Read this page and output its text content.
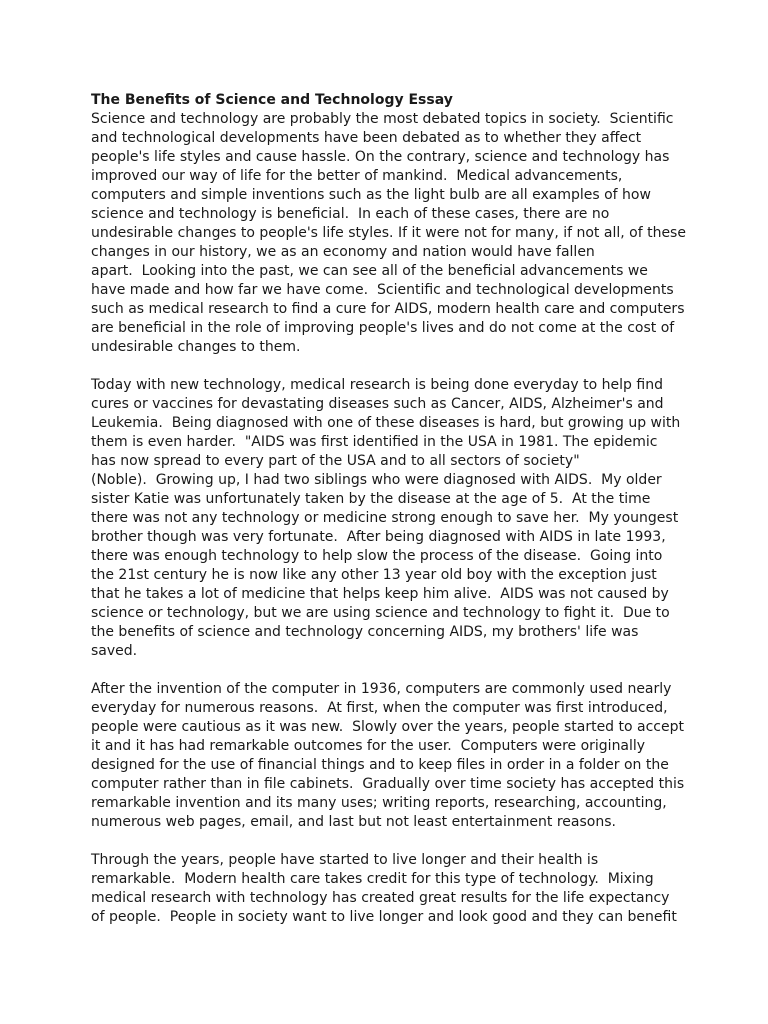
The Benefits of Science and Technology Essay
Science and technology are probably the most debated topics in society.  Scientific
and technological developments have been debated as to whether they affect
people's life styles and cause hassle. On the contrary, science and technology has
improved our way of life for the better of mankind.  Medical advancements,
computers and simple inventions such as the light bulb are all examples of how
science and technology is beneficial.  In each of these cases, there are no
undesirable changes to people's life styles. If it were not for many, if not all, of these
changes in our history, we as an economy and nation would have fallen
apart.  Looking into the past, we can see all of the beneficial advancements we
have made and how far we have come.  Scientific and technological developments
such as medical research to find a cure for AIDS, modern health care and computers
are beneficial in the role of improving people's lives and do not come at the cost of
undesirable changes to them.
Today with new technology, medical research is being done everyday to help find
cures or vaccines for devastating diseases such as Cancer, AIDS, Alzheimer's and
Leukemia.  Being diagnosed with one of these diseases is hard, but growing up with
them is even harder.  "AIDS was first identified in the USA in 1981. The epidemic
has now spread to every part of the USA and to all sectors of society"
(Noble).  Growing up, I had two siblings who were diagnosed with AIDS.  My older
sister Katie was unfortunately taken by the disease at the age of 5.  At the time
there was not any technology or medicine strong enough to save her.  My youngest
brother though was very fortunate.  After being diagnosed with AIDS in late 1993,
there was enough technology to help slow the process of the disease.  Going into
the 21st century he is now like any other 13 year old boy with the exception just
that he takes a lot of medicine that helps keep him alive.  AIDS was not caused by
science or technology, but we are using science and technology to fight it.  Due to
the benefits of science and technology concerning AIDS, my brothers' life was
saved.
After the invention of the computer in 1936, computers are commonly used nearly
everyday for numerous reasons.  At first, when the computer was first introduced,
people were cautious as it was new.  Slowly over the years, people started to accept
it and it has had remarkable outcomes for the user.  Computers were originally
designed for the use of financial things and to keep files in order in a folder on the
computer rather than in file cabinets.  Gradually over time society has accepted this
remarkable invention and its many uses; writing reports, researching, accounting,
numerous web pages, email, and last but not least entertainment reasons.
Through the years, people have started to live longer and their health is
remarkable.  Modern health care takes credit for this type of technology.  Mixing
medical research with technology has created great results for the life expectancy
of people.  People in society want to live longer and look good and they can benefit
